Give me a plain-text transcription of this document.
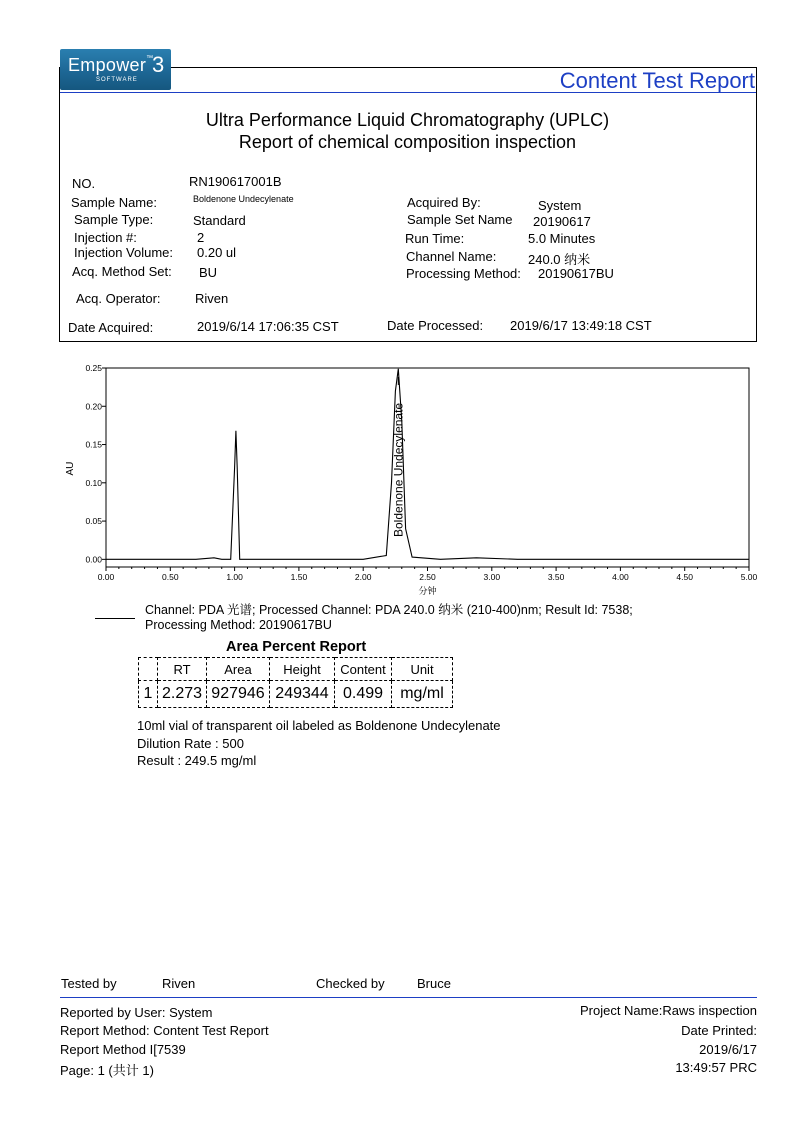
Empower™
3
SOFTWARE	Content Test Report
Ultra Performance Liquid Chromatography (UPLC)
Report of chemical composition inspection
NO.	RN190617001B
Sample Name:	Boldenone Undecylenate
Sample Type:	Standard
Injection #:	2
Injection Volume: 0.20 ul
Acq. Method Set: BU
Acq. Operator:	Riven
Date Acquired:	2019/6/14 17:06:35 CST
Acquired By:	System
Sample Set Name 20190617
Run Time:	5.0 Minutes
Channel Name: 240.0 纳米
Processing Method: 20190617BU
Date Processed: 2019/6/17 13:49:18 CST
0.00	0.50	1.00	1.50	2.00	2.50	3.00	3.50	4.00	4.50	5.00
0.00
0.05
0.10
0.15
0.20
0.25
Boldenone Undecylenate
AU
分钟
Channel: PDA 光谱; Processed Channel: PDA 240.0 纳米 (210-400)nm; Result Id: 7538;
Processing Method: 20190617BU
Area Percent Report
	RT	Area	Height	Content	Unit
1	2.273	927946	249344	0.499	mg/ml
10ml vial of transparent oil labeled as Boldenone Undecylenate
Dilution Rate : 500
Result : 249.5 mg/ml
Tested by	Riven	Checked by Bruce
Reported by User: System
Report Method: Content Test Report
Report Method I[7539
Page: 1 (共计 1)
Project Name:Raws inspection
Date Printed:
2019/6/17
13:49:57 PRC
